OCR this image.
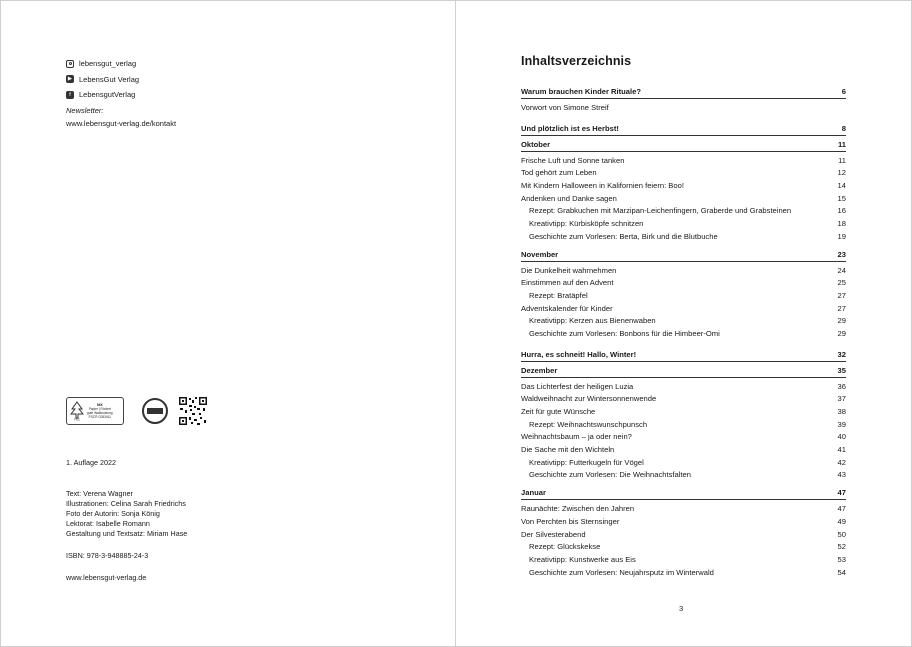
lebensgut_verlag
▶ LebensGut Verlag
f	LebensgutVerlag
Newsletter:
www.lebensgut-verlag.de/kontakt
FSC
MIX
Papier | Fördert
gute Waldnutzung
FSC® C083411
1. Auflage 2022
Text: Verena Wagner
Illustrationen: Celina Sarah Friedrichs
Foto der Autorin: Sonja König
Lektorat: Isabelle Romann
Gestaltung und Textsatz: Miriam Hase
ISBN: 978-3-948885-24-3
www.lebensgut-verlag.de
Inhaltsverzeichnis
Warum brauchen Kinder Rituale?	6
Vorwort von Simone Streif
Und plötzlich ist es Herbst!	8
Oktober	11
Frische Luft und Sonne tanken	11
Tod gehört zum Leben	12
Mit Kindern Halloween in Kalifornien feiern: Boo!	14
Andenken und Danke sagen	15
Rezept: Grabkuchen mit Marzipan-Leichenfingern, Graberde und Grabsteinen	16
Kreativtipp: Kürbisköpfe schnitzen	18
Geschichte zum Vorlesen: Berta, Birk und die Blutbuche	19
November	23
Die Dunkelheit wahrnehmen	24
Einstimmen auf den Advent	25
Rezept: Bratäpfel	27
Adventskalender für Kinder	27
Kreativtipp: Kerzen aus Bienenwaben	29
Geschichte zum Vorlesen: Bonbons für die Himbeer-Omi	29
Hurra, es schneit! Hallo, Winter!	32
Dezember	35
Das Lichterfest der heiligen Luzia	36
Waldweihnacht zur Wintersonnenwende	37
Zeit für gute Wünsche	38
Rezept: Weihnachtswunschpunsch	39
Weihnachtsbaum – ja oder nein?	40
Die Sache mit den Wichteln	41
Kreativtipp: Futterkugeln für Vögel	42
Geschichte zum Vorlesen: Die Weihnachtsfalten	43
Januar	47
Raunächte: Zwischen den Jahren	47
Von Perchten bis Sternsinger	49
Der Silvesterabend	50
Rezept: Glückskekse	52
Kreativtipp: Kunstwerke aus Eis	53
Geschichte zum Vorlesen: Neujahrsputz im Winterwald	54
3
